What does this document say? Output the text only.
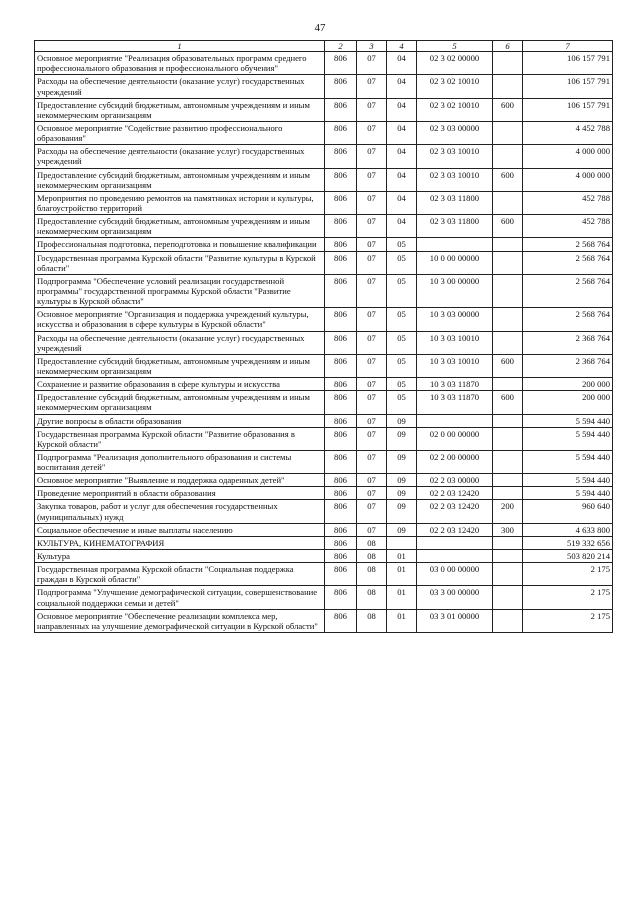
47
1	2	3	4	5	6	7
Основное мероприятие "Реализация образовательных программ среднего профессионального образования и профессионального обучения"	806	07	04	02 3 02 00000		106 157 791
Расходы на обеспечение деятельности (оказание услуг) государственных учреждений	806	07	04	02 3 02 10010		106 157 791
Предоставление субсидий бюджетным, автономным учреждениям и иным некоммерческим организациям	806	07	04	02 3 02 10010	600	106 157 791
Основное мероприятие "Содействие развитию профессионального образования"	806	07	04	02 3 03 00000		4 452 788
Расходы на обеспечение деятельности (оказание услуг) государственных учреждений	806	07	04	02 3 03 10010		4 000 000
Предоставление субсидий бюджетным, автономным учреждениям и иным некоммерческим организациям	806	07	04	02 3 03 10010	600	4 000 000
Мероприятия по проведению ремонтов на памятниках истории и культуры, благоустройство территорий	806	07	04	02 3 03 11800		452 788
Предоставление субсидий бюджетным, автономным учреждениям и иным некоммерческим организациям	806	07	04	02 3 03 11800	600	452 788
Профессиональная подготовка, переподготовка и повышение квалификации	806	07	05			2 568 764
Государственная программа Курской области "Развитие культуры в Курской области"	806	07	05	10 0 00 00000		2 568 764
Подпрограмма "Обеспечение условий реализации государственной программы" государственной программы Курской области "Развитие культуры в Курской области"	806	07	05	10 3 00 00000		2 568 764
Основное мероприятие "Организация и поддержка учреждений культуры, искусства и образования в сфере культуры в Курской области"	806	07	05	10 3 03 00000		2 568 764
Расходы на обеспечение деятельности (оказание услуг) государственных учреждений	806	07	05	10 3 03 10010		2 368 764
Предоставление субсидий бюджетным, автономным учреждениям и иным некоммерческим организациям	806	07	05	10 3 03 10010	600	2 368 764
Сохранение и развитие образования в сфере культуры и искусства	806	07	05	10 3 03 11870		200 000
Предоставление субсидий бюджетным, автономным учреждениям и иным некоммерческим организациям	806	07	05	10 3 03 11870	600	200 000
Другие вопросы в области образования	806	07	09			5 594 440
Государственная программа Курской области "Развитие образования в Курской области"	806	07	09	02 0 00 00000		5 594 440
Подпрограмма "Реализация дополнительного образования и системы воспитания детей"	806	07	09	02 2 00 00000		5 594 440
Основное мероприятие "Выявление и поддержка одаренных детей"	806	07	09	02 2 03 00000		5 594 440
Проведение мероприятий в области образования	806	07	09	02 2 03 12420		5 594 440
Закупка товаров, работ и услуг для обеспечения государственных (муниципальных) нужд	806	07	09	02 2 03 12420	200	960 640
Социальное обеспечение и иные выплаты населению	806	07	09	02 2 03 12420	300	4 633 800
КУЛЬТУРА, КИНЕМАТОГРАФИЯ	806	08				519 332 656
Культура	806	08	01			503 820 214
Государственная программа Курской области "Социальная поддержка граждан в Курской области"	806	08	01	03 0 00 00000		2 175
Подпрограмма "Улучшение демографической ситуации, совершенствование социальной поддержки семьи и детей"	806	08	01	03 3 00 00000		2 175
Основное мероприятие "Обеспечение реализации комплекса мер, направленных на улучшение демографической ситуации в Курской области"	806	08	01	03 3 01 00000		2 175
